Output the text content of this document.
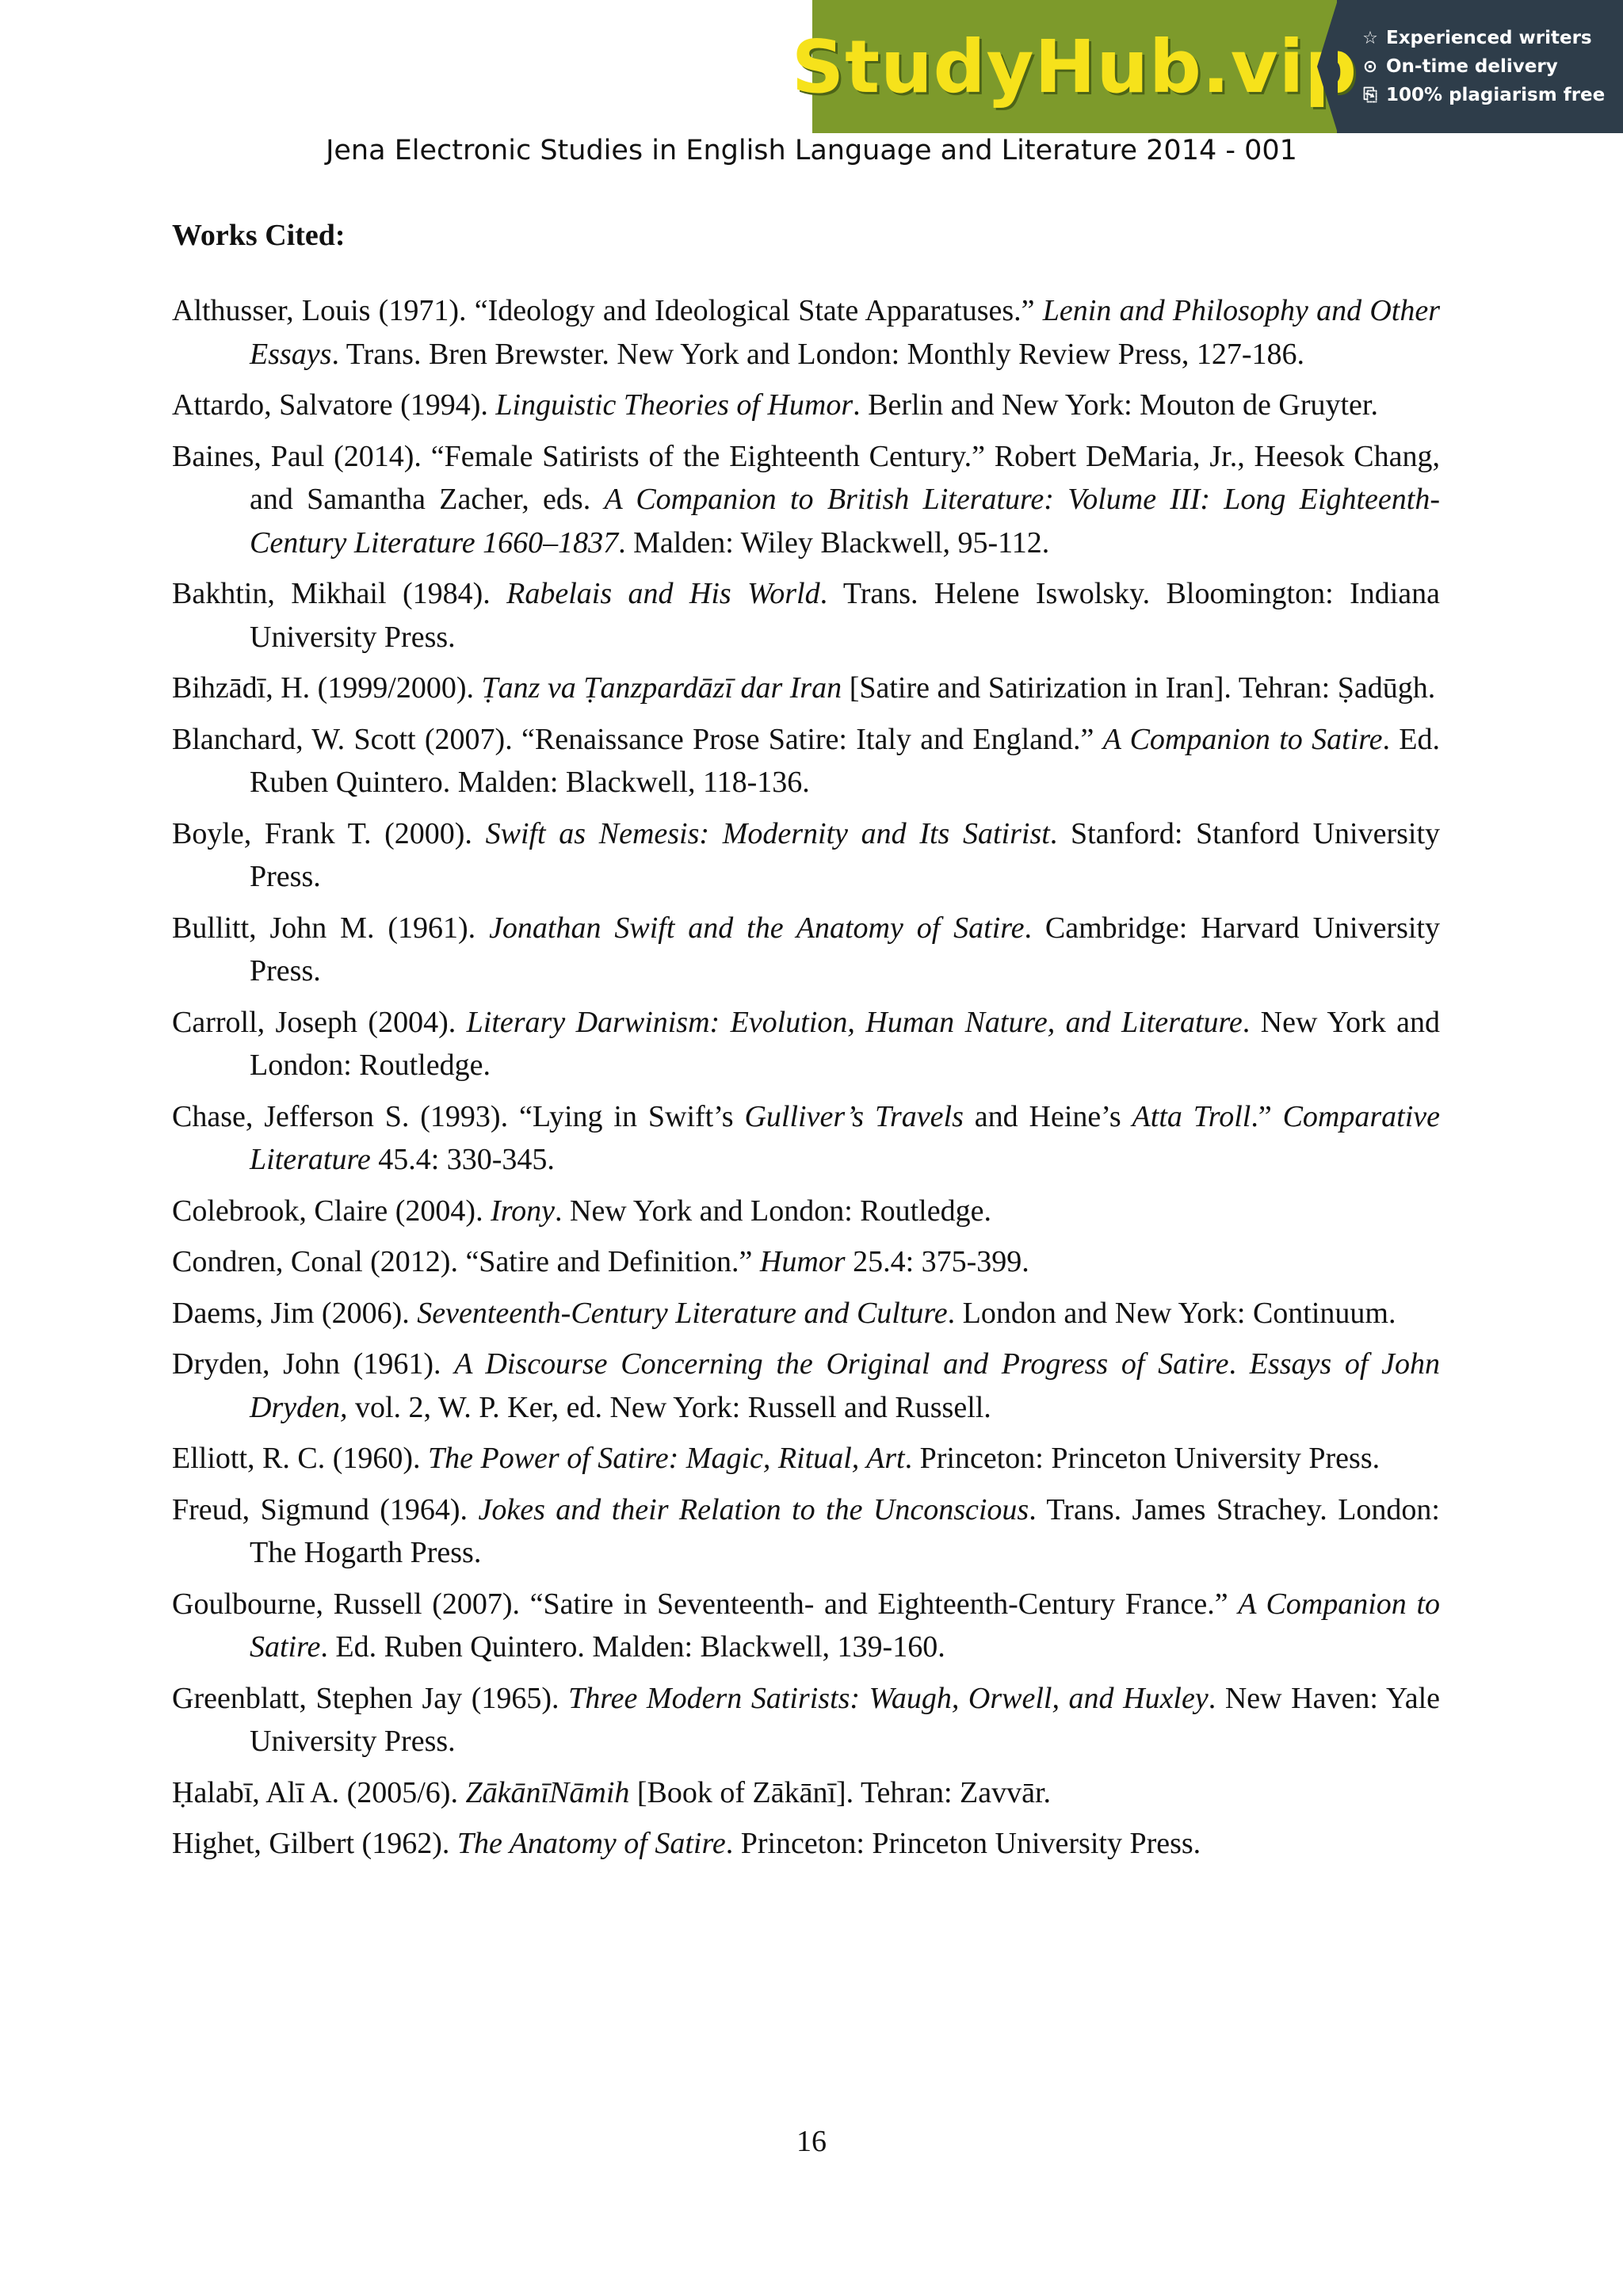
StudyHub.vip ☆ Experienced writers
⊙ On-time delivery
⎘ 100% plagiarism free
Jena Electronic Studies in English Language and Literature 2014 - 001
Works Cited:
Althusser, Louis (1971). “Ideology and Ideological State Apparatuses.” Lenin and Philosophy and Other Essays. Trans. Bren Brewster. New York and London: Monthly Review Press, 127-186.
Attardo, Salvatore (1994). Linguistic Theories of Humor. Berlin and New York: Mouton de Gruyter.
Baines, Paul (2014). “Female Satirists of the Eighteenth Century.” Robert DeMaria, Jr., Heesok Chang, and Samantha Zacher, eds. A Companion to British Literature: Volume III: Long Eighteenth-Century Literature 1660–1837. Malden: Wiley Blackwell, 95-112.
Bakhtin, Mikhail (1984). Rabelais and His World. Trans. Helene Iswolsky. Bloomington: Indiana University Press.
Bihzādī, H. (1999/2000). Ṭanz va Ṭanzpardāzī dar Iran [Satire and Satirization in Iran]. Tehran: Ṣadūgh.
Blanchard, W. Scott (2007). “Renaissance Prose Satire: Italy and England.” A Companion to Satire. Ed. Ruben Quintero. Malden: Blackwell, 118-136.
Boyle, Frank T. (2000). Swift as Nemesis: Modernity and Its Satirist. Stanford: Stanford University Press.
Bullitt, John M. (1961). Jonathan Swift and the Anatomy of Satire. Cambridge: Harvard University Press.
Carroll, Joseph (2004). Literary Darwinism: Evolution, Human Nature, and Literature. New York and London: Routledge.
Chase, Jefferson S. (1993). “Lying in Swift’s Gulliver’s Travels and Heine’s Atta Troll.” Comparative Literature 45.4: 330-345.
Colebrook, Claire (2004). Irony. New York and London: Routledge.
Condren, Conal (2012). “Satire and Definition.” Humor 25.4: 375-399.
Daems, Jim (2006). Seventeenth-Century Literature and Culture. London and New York: Continuum.
Dryden, John (1961). A Discourse Concerning the Original and Progress of Satire. Essays of John Dryden, vol. 2, W. P. Ker, ed. New York: Russell and Russell.
Elliott, R. C. (1960). The Power of Satire: Magic, Ritual, Art. Princeton: Princeton University Press.
Freud, Sigmund (1964). Jokes and their Relation to the Unconscious. Trans. James Strachey. London: The Hogarth Press.
Goulbourne, Russell (2007). “Satire in Seventeenth- and Eighteenth-Century France.” A Companion to Satire. Ed. Ruben Quintero. Malden: Blackwell, 139-160.
Greenblatt, Stephen Jay (1965). Three Modern Satirists: Waugh, Orwell, and Huxley. New Haven: Yale University Press.
Ḥalabī, Alī A. (2005/6). ZākānīNāmih [Book of Zākānī]. Tehran: Zavvār.
Highet, Gilbert (1962). The Anatomy of Satire. Princeton: Princeton University Press.
16
